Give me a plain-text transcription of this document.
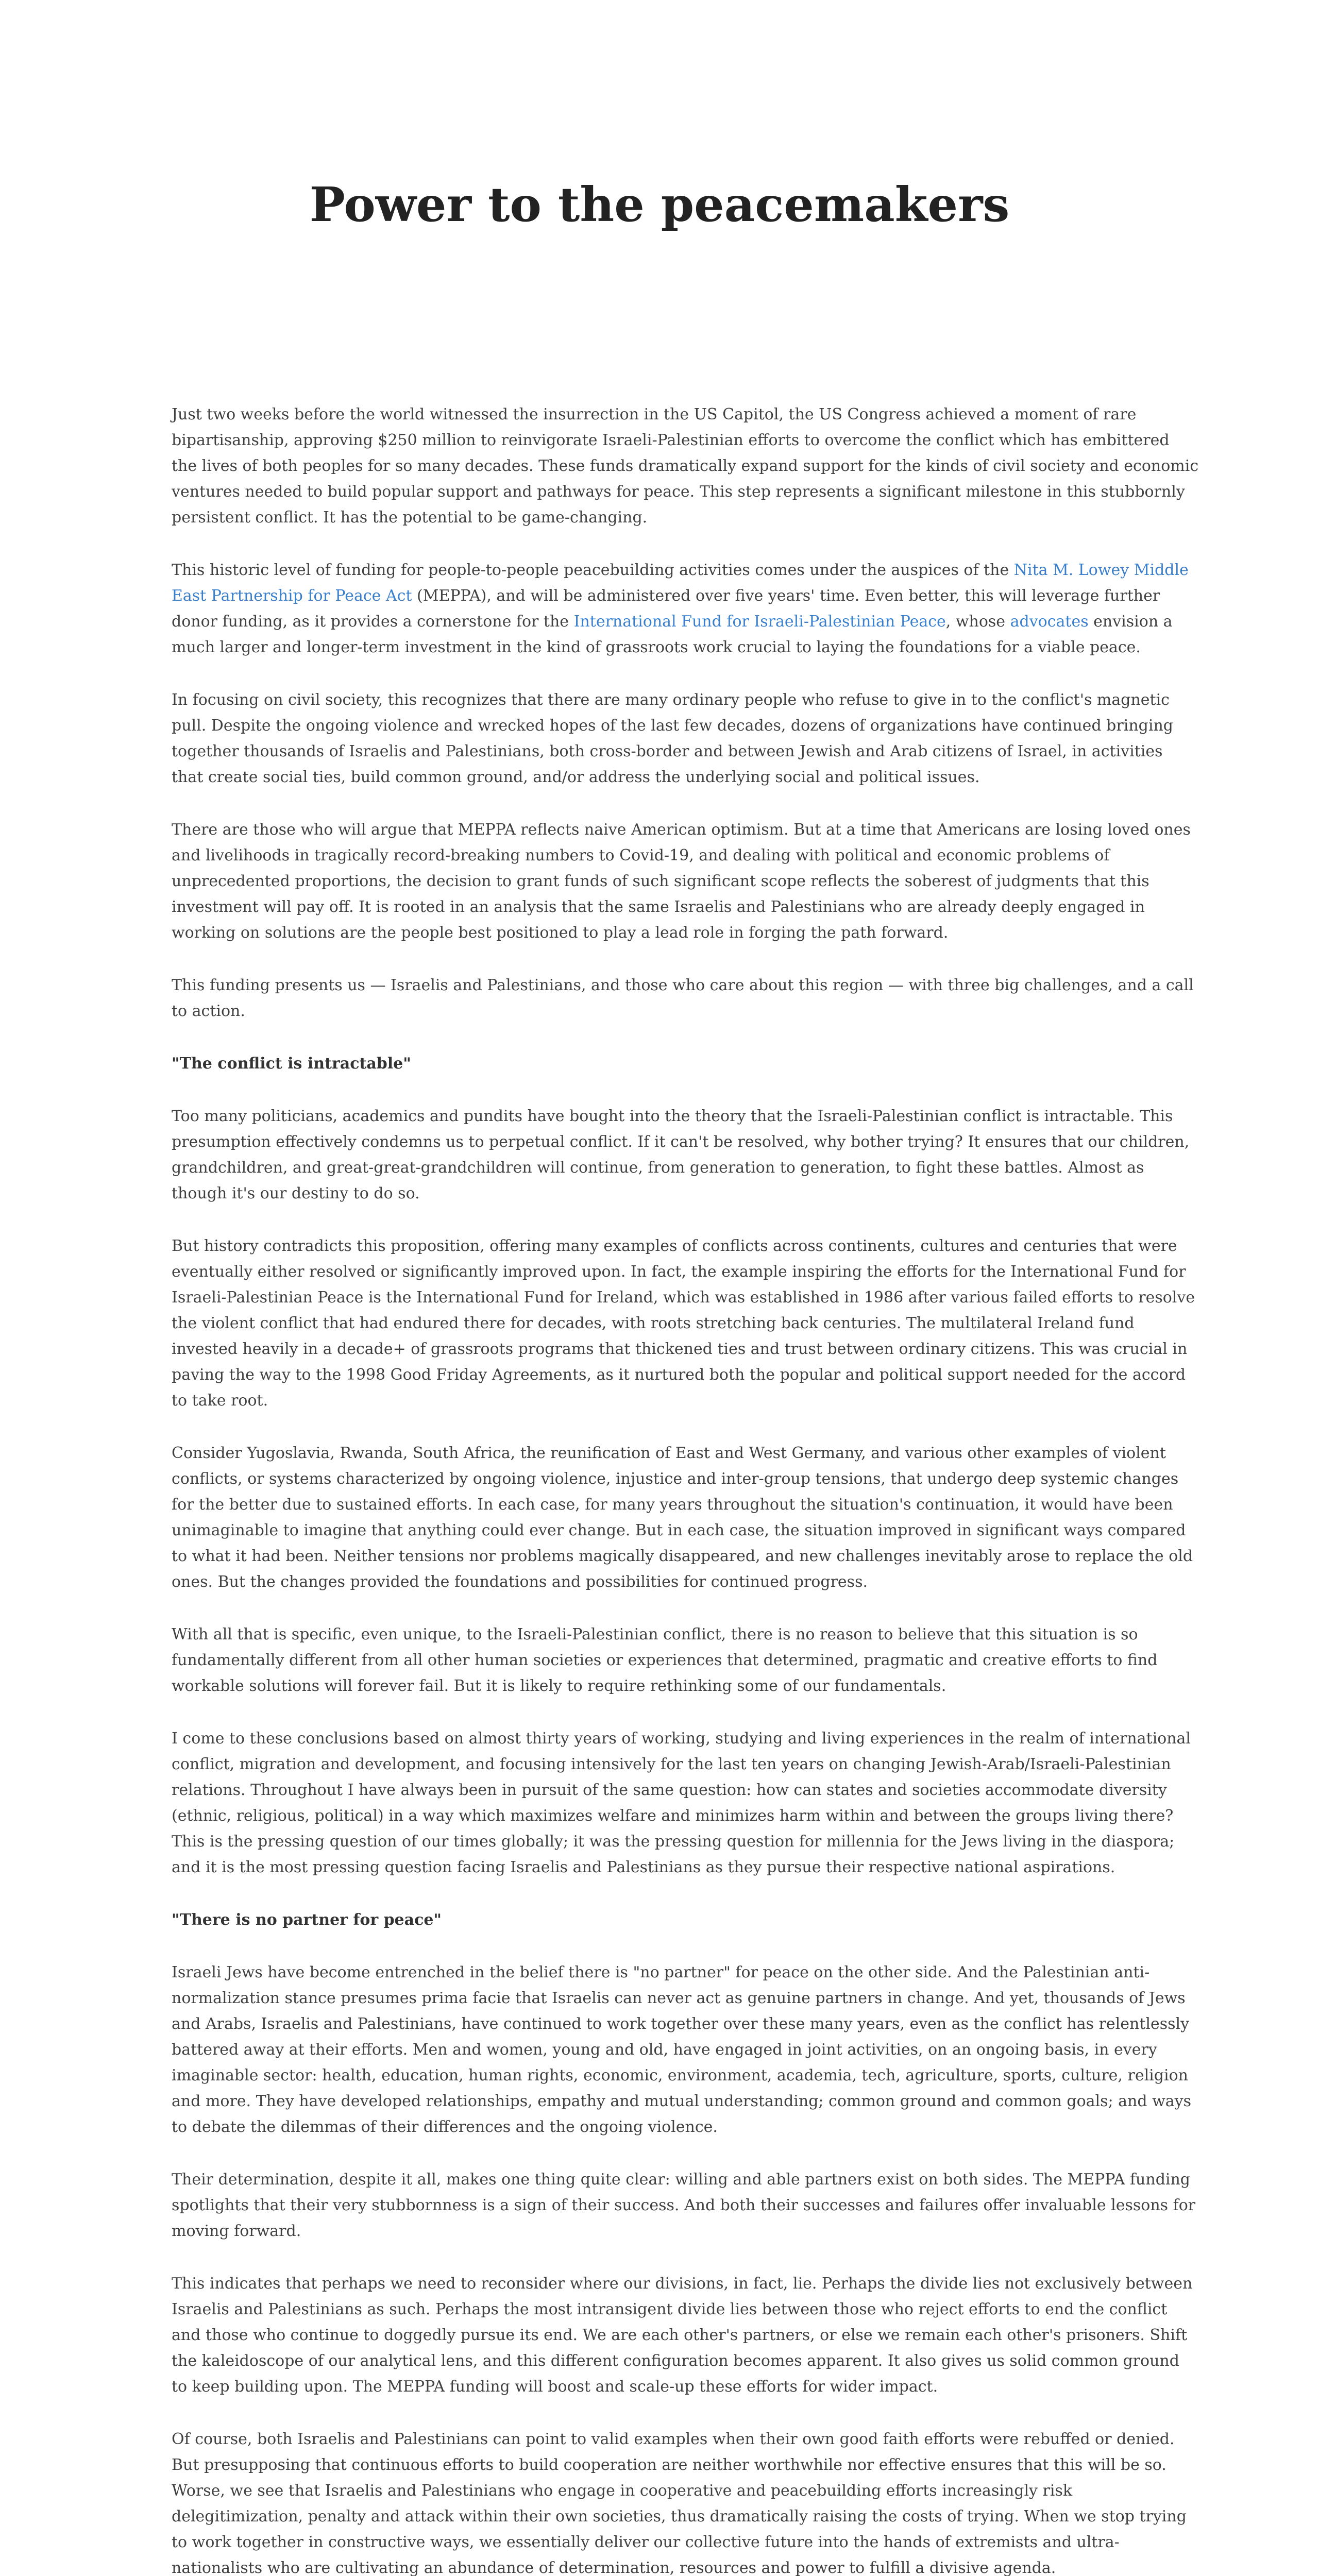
Power to the peacemakers

Just two weeks before the world witnessed the insurrection in the US Capitol, the US Congress achieved a moment of rare bipartisanship, approving $250 million to reinvigorate Israeli-Palestinian efforts to overcome the conflict which has embittered the lives of both peoples for so many decades. These funds dramatically expand support for the kinds of civil society and economic ventures needed to build popular support and pathways for peace. This step represents a significant milestone in this stubbornly persistent conflict. It has the potential to be game-changing.

This historic level of funding for people-to-people peacebuilding activities comes under the auspices of the Nita M. Lowey Middle East Partnership for Peace Act (MEPPA), and will be administered over five years' time. Even better, this will leverage further donor funding, as it provides a cornerstone for the International Fund for Israeli-Palestinian Peace, whose advocates envision a much larger and longer-term investment in the kind of grassroots work crucial to laying the foundations for a viable peace.

In focusing on civil society, this recognizes that there are many ordinary people who refuse to give in to the conflict's magnetic pull. Despite the ongoing violence and wrecked hopes of the last few decades, dozens of organizations have continued bringing together thousands of Israelis and Palestinians, both cross-border and between Jewish and Arab citizens of Israel, in activities that create social ties, build common ground, and/or address the underlying social and political issues.

There are those who will argue that MEPPA reflects naive American optimism. But at a time that Americans are losing loved ones and livelihoods in tragically record-breaking numbers to Covid-19, and dealing with political and economic problems of unprecedented proportions, the decision to grant funds of such significant scope reflects the soberest of judgments that this investment will pay off. It is rooted in an analysis that the same Israelis and Palestinians who are already deeply engaged in working on solutions are the people best positioned to play a lead role in forging the path forward.

This funding presents us — Israelis and Palestinians, and those who care about this region — with three big challenges, and a call to action.

"The conflict is intractable"

Too many politicians, academics and pundits have bought into the theory that the Israeli-Palestinian conflict is intractable. This presumption effectively condemns us to perpetual conflict. If it can't be resolved, why bother trying? It ensures that our children, grandchildren, and great-great-grandchildren will continue, from generation to generation, to fight these battles. Almost as though it's our destiny to do so.

But history contradicts this proposition, offering many examples of conflicts across continents, cultures and centuries that were eventually either resolved or significantly improved upon. In fact, the example inspiring the efforts for the International Fund for Israeli-Palestinian Peace is the International Fund for Ireland, which was established in 1986 after various failed efforts to resolve the violent conflict that had endured there for decades, with roots stretching back centuries. The multilateral Ireland fund invested heavily in a decade+ of grassroots programs that thickened ties and trust between ordinary citizens. This was crucial in paving the way to the 1998 Good Friday Agreements, as it nurtured both the popular and political support needed for the accord to take root.

Consider Yugoslavia, Rwanda, South Africa, the reunification of East and West Germany, and various other examples of violent conflicts, or systems characterized by ongoing violence, injustice and inter-group tensions, that undergo deep systemic changes for the better due to sustained efforts. In each case, for many years throughout the situation's continuation, it would have been unimaginable to imagine that anything could ever change. But in each case, the situation improved in significant ways compared to what it had been. Neither tensions nor problems magically disappeared, and new challenges inevitably arose to replace the old ones. But the changes provided the foundations and possibilities for continued progress.

With all that is specific, even unique, to the Israeli-Palestinian conflict, there is no reason to believe that this situation is so fundamentally different from all other human societies or experiences that determined, pragmatic and creative efforts to find workable solutions will forever fail. But it is likely to require rethinking some of our fundamentals.

I come to these conclusions based on almost thirty years of working, studying and living experiences in the realm of international conflict, migration and development, and focusing intensively for the last ten years on changing Jewish-Arab/Israeli-Palestinian relations. Throughout I have always been in pursuit of the same question: how can states and societies accommodate diversity (ethnic, religious, political) in a way which maximizes welfare and minimizes harm within and between the groups living there? This is the pressing question of our times globally; it was the pressing question for millennia for the Jews living in the diaspora; and it is the most pressing question facing Israelis and Palestinians as they pursue their respective national aspirations.

"There is no partner for peace"

Israeli Jews have become entrenched in the belief there is "no partner" for peace on the other side. And the Palestinian anti-normalization stance presumes prima facie that Israelis can never act as genuine partners in change. And yet, thousands of Jews and Arabs, Israelis and Palestinians, have continued to work together over these many years, even as the conflict has relentlessly battered away at their efforts. Men and women, young and old, have engaged in joint activities, on an ongoing basis, in every imaginable sector: health, education, human rights, economic, environment, academia, tech, agriculture, sports, culture, religion and more. They have developed relationships, empathy and mutual understanding; common ground and common goals; and ways to debate the dilemmas of their differences and the ongoing violence.

Their determination, despite it all, makes one thing quite clear: willing and able partners exist on both sides. The MEPPA funding spotlights that their very stubbornness is a sign of their success. And both their successes and failures offer invaluable lessons for moving forward.

This indicates that perhaps we need to reconsider where our divisions, in fact, lie. Perhaps the divide lies not exclusively between Israelis and Palestinians as such. Perhaps the most intransigent divide lies between those who reject efforts to end the conflict and those who continue to doggedly pursue its end. We are each other's partners, or else we remain each other's prisoners. Shift the kaleidoscope of our analytical lens, and this different configuration becomes apparent. It also gives us solid common ground to keep building upon. The MEPPA funding will boost and scale-up these efforts for wider impact.

Of course, both Israelis and Palestinians can point to valid examples when their own good faith efforts were rebuffed or denied. But presupposing that continuous efforts to build cooperation are neither worthwhile nor effective ensures that this will be so. Worse, we see that Israelis and Palestinians who engage in cooperative and peacebuilding efforts increasingly risk delegitimization, penalty and attack within their own societies, thus dramatically raising the costs of trying. When we stop trying to work together in constructive ways, we essentially deliver our collective future into the hands of extremists and ultra-nationalists who are cultivating an abundance of determination, resources and power to fulfill a divisive agenda.
